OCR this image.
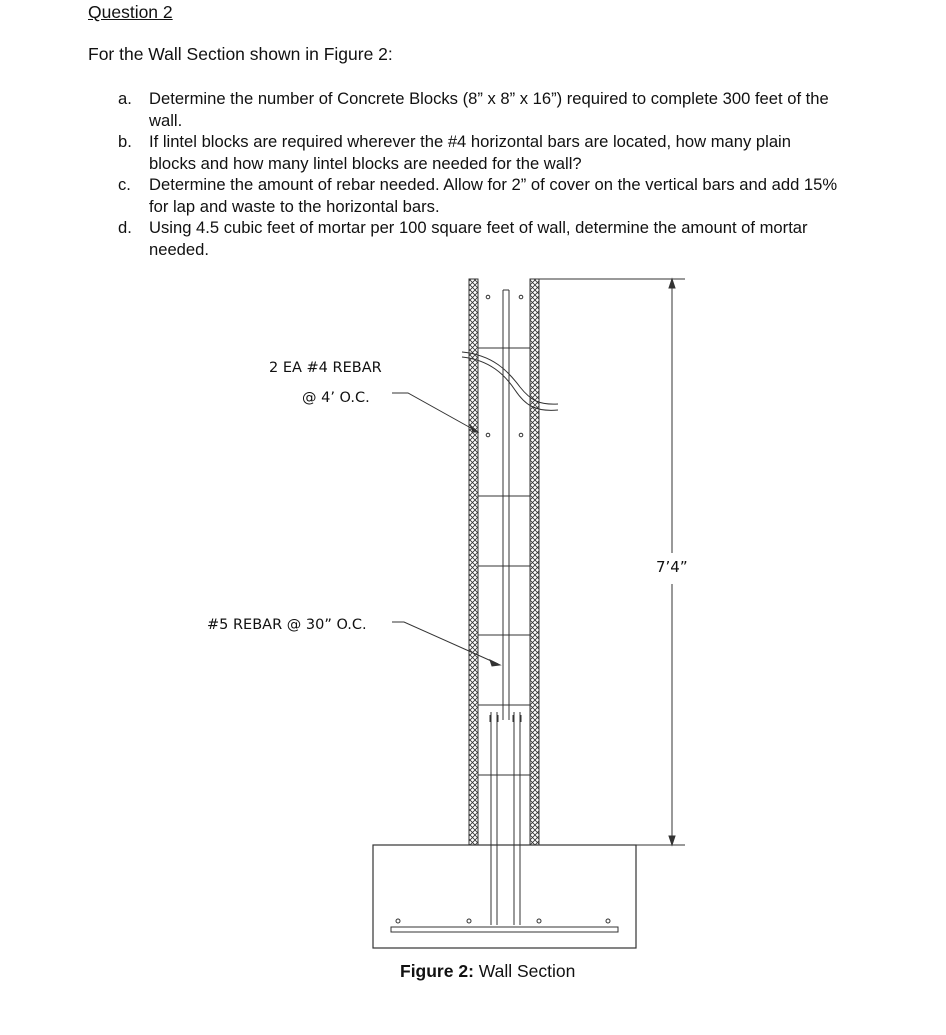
Question 2
For the Wall Section shown in Figure 2:
a. Determine the number of Concrete Blocks (8” x 8” x 16”) required to complete 300 feet of the wall.
b. If lintel blocks are required wherever the #4 horizontal bars are located, how many plain blocks and how many lintel blocks are needed for the wall?
c. Determine the amount of rebar needed. Allow for 2” of cover on the vertical bars and add 15% for lap and waste to the horizontal bars.
d. Using 4.5 cubic feet of mortar per 100 square feet of wall, determine the amount of mortar needed.
2 EA #4 REBAR
@ 4’ O.C.
#5 REBAR @ 30” O.C.
7’4”
Figure 2: Wall Section
